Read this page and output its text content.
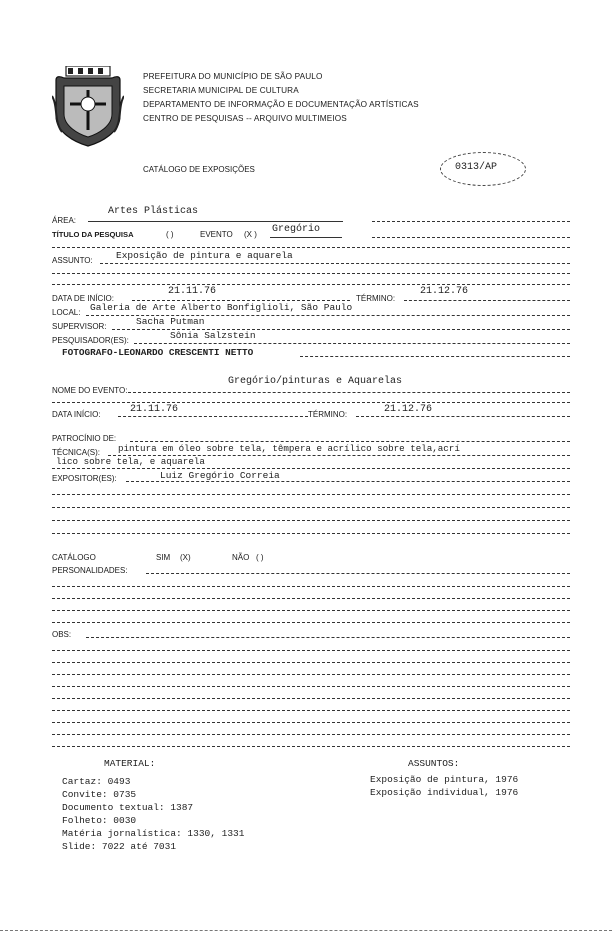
PREFEITURA DO MUNICÍPIO DE SÃO PAULO
SECRETARIA MUNICIPAL DE CULTURA
DEPARTAMENTO DE INFORMAÇÃO E DOCUMENTAÇÃO ARTÍSTICAS
CENTRO DE PESQUISAS -- ARQUIVO MULTIMEIOS
CATÁLOGO DE EXPOSIÇÕES	0313/AP
ÁREA:
Artes Plásticas
TÍTULO DA PESQUISA	( )	EVENTO (X ) Gregório
ASSUNTO: Exposição de pintura e aquarela
DATA DE INÍCIO:
21.11.76
TÉRMINO:
21.12.76
LOCAL: Galeria de Arte Alberto Bonfiglioli, São Paulo
SUPERVISOR:	Sacha Putman
PESQUISADOR(ES):	Sônia Salzstein
FOTOGRAFO-LEONARDO CRESCENTI NETTO
NOME DO EVENTO:
Gregório/pinturas e Aquarelas
DATA INÍCIO:	21.11.76	TÉRMINO:	21.12.76
PATROCÍNIO DE:
TÉCNICA(S): pintura em óleo sobre tela, têmpera e acrílico sobre tela,acrí
lico sobre tela, e aquarela
EXPOSITOR(ES):	Luiz Gregório Correia
CATÁLOGO	SIM (X)	NÃO ( )
PERSONALIDADES:
OBS:
MATERIAL:
Cartaz: 0493
Convite: 0735
Documento textual: 1387
Folheto: 0030
Matéria jornalística: 1330, 1331
Slide: 7022 até 7031
ASSUNTOS:
Exposição de pintura, 1976
Exposição individual, 1976
